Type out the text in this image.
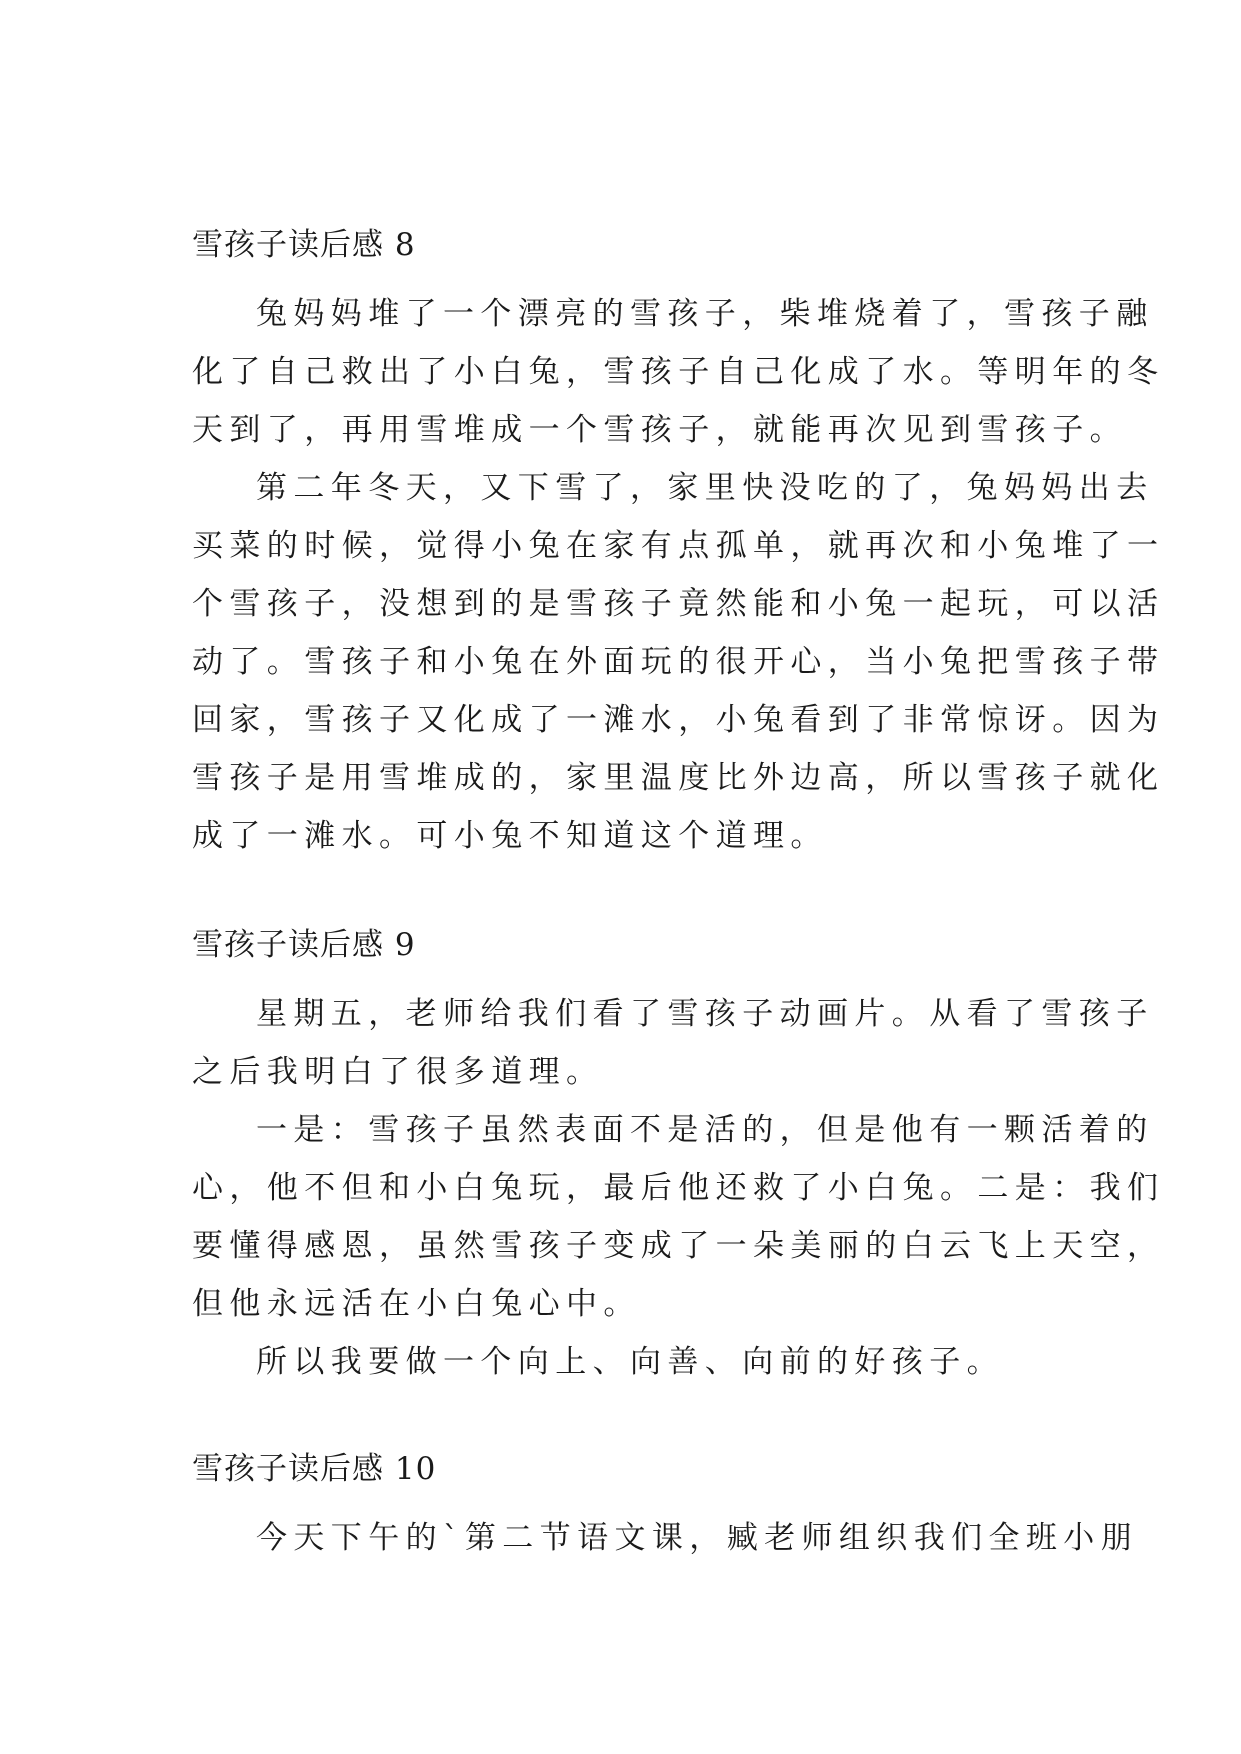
雪孩子读后感 8
兔妈妈堆了一个漂亮的雪孩子，柴堆烧着了，雪孩子融
化了自己救出了小白兔，雪孩子自己化成了水。等明年的冬
天到了，再用雪堆成一个雪孩子，就能再次见到雪孩子。
第二年冬天，又下雪了，家里快没吃的了，兔妈妈出去
买菜的时候，觉得小兔在家有点孤单，就再次和小兔堆了一
个雪孩子，没想到的是雪孩子竟然能和小兔一起玩，可以活
动了。雪孩子和小兔在外面玩的很开心，当小兔把雪孩子带
回家，雪孩子又化成了一滩水，小兔看到了非常惊讶。因为
雪孩子是用雪堆成的，家里温度比外边高，所以雪孩子就化
成了一滩水。可小兔不知道这个道理。
雪孩子读后感 9
星期五，老师给我们看了雪孩子动画片。从看了雪孩子
之后我明白了很多道理。
一是：雪孩子虽然表面不是活的，但是他有一颗活着的
心，他不但和小白兔玩，最后他还救了小白兔。二是：我们
要懂得感恩，虽然雪孩子变成了一朵美丽的白云飞上天空，
但他永远活在小白兔心中。
所以我要做一个向上、向善、向前的好孩子。
雪孩子读后感 10
今天下午的`第二节语文课，臧老师组织我们全班小朋
